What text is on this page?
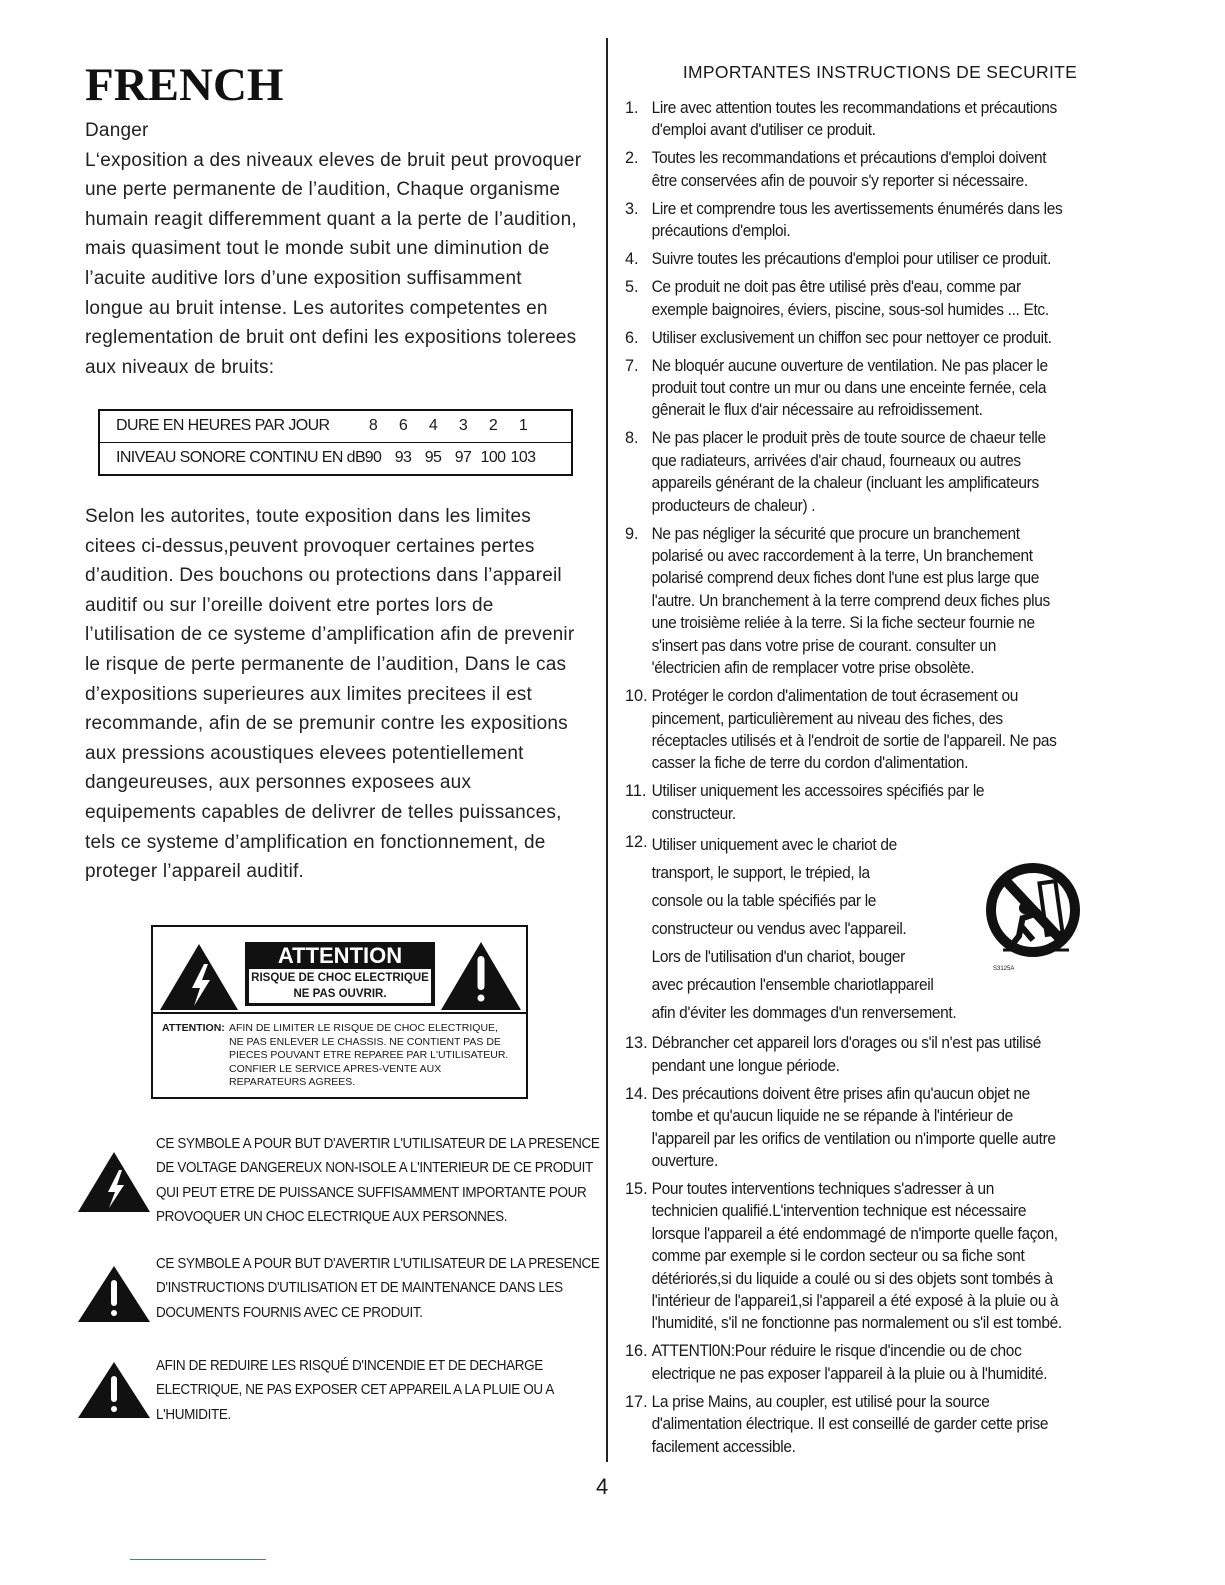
FRENCH
Danger
L‘exposition a des niveaux eleves de bruit peut provoquer
une perte permanente de l’audition, Chaque organisme
humain reagit differemment quant a la perte de l’audition,
mais quasiment tout le monde subit une diminution de
l’acuite auditive lors d’une exposition suffisamment
longue au bruit intense. Les autorites competentes en
reglementation de bruit ont defini les expositions tolerees
aux niveaux de bruits:
DURE EN HEURES PAR JOUR	8	6	4	3	2	1
INIVEAU SONORE CONTINU EN dB 90 93 95 97 100 103
Selon les autorites, toute exposition dans les limites
citees ci-dessus,peuvent provoquer certaines pertes
d’audition. Des bouchons ou protections dans l’appareil
auditif ou sur l’oreille doivent etre portes lors de
l’utilisation de ce systeme d’amplification afin de prevenir
le risque de perte permanente de l’audition, Dans le cas
d’expositions superieures aux limites precitees il est
recommande, afin de se premunir contre les expositions
aux pressions acoustiques elevees potentiellement
dangeureuses, aux personnes exposees aux
equipements capables de delivrer de telles puissances,
tels ce systeme d’amplification en fonctionnement, de
proteger l’appareil auditif.
ATTENTION
RISQUE DE CHOC ELECTRIQUE
NE PAS OUVRIR.
ATTENTION: AFIN DE LIMITER LE RISQUE DE CHOC ELECTRIQUE,
NE PAS ENLEVER LE CHASSIS. NE CONTIENT PAS DE
PIECES POUVANT ETRE REPAREE PAR L'UTILISATEUR.
CONFIER LE SERVICE APRES-VENTE AUX
REPARATEURS AGREES.
CE SYMBOLE A POUR BUT D'AVERTIR L'UTILISATEUR DE LA PRESENCE
DE VOLTAGE DANGEREUX NON-ISOLE A L'INTERIEUR DE CE PRODUIT
QUI PEUT ETRE DE PUISSANCE SUFFISAMMENT IMPORTANTE POUR
PROVOQUER UN CHOC ELECTRIQUE AUX PERSONNES.
CE SYMBOLE A POUR BUT D'AVERTIR L'UTILISATEUR DE LA PRESENCE
D'INSTRUCTIONS D'UTILISATION ET DE MAINTENANCE DANS LES
DOCUMENTS FOURNIS AVEC CE PRODUIT.
AFIN DE REDUIRE LES RISQUÉ D'INCENDIE ET DE DECHARGE
ELECTRIQUE, NE PAS EXPOSER CET APPAREIL A LA PLUIE OU A
L'HUMIDITE.
IMPORTANTES INSTRUCTIONS DE SECURITE
1. Lire avec attention toutes les recommandations et précautions
d'emploi avant d'utiliser ce produit.
2. Toutes les recommandations et précautions d'emploi doivent
être conservées afin de pouvoir s'y reporter si nécessaire.
3. Lire et comprendre tous les avertissements énumérés dans les
précautions d'emploi.
4. Suivre toutes les précautions d'emploi pour utiliser ce produit.
5. Ce produit ne doit pas être utilisé près d'eau, comme par
exemple baignoires, éviers, piscine, sous-sol humides ... Etc.
6. Utiliser exclusivement un chiffon sec pour nettoyer ce produit.
7. Ne bloquér aucune ouverture de ventilation. Ne pas placer le
produit tout contre un mur ou dans une enceinte fernée, cela
gênerait le flux d'air nécessaire au refroidissement.
8. Ne pas placer le produit près de toute source de chaeur telle
que radiateurs, arrivées d'air chaud, fourneaux ou autres
appareils générant de la chaleur (incluant les amplificateurs
producteurs de chaleur) .
9. Ne pas négliger la sécurité que procure un branchement
polarisé ou avec raccordement à la terre, Un branchement
polarisé comprend deux fiches dont l'une est plus large que
l'autre. Un branchement à la terre comprend deux fiches plus
une troisième reliée à la terre. Si la fiche secteur fournie ne
s'insert pas dans votre prise de courant. consulter un
'électricien afin de remplacer votre prise obsolète.
10. Protéger le cordon d'alimentation de tout écrasement ou
pincement, particulièrement au niveau des fiches, des
réceptacles utilisés et à l'endroit de sortie de l'appareil. Ne pas
casser la fiche de terre du cordon d'alimentation.
11. Utiliser uniquement les accessoires spécifiés par le
constructeur.
12. Utiliser uniquement avec le chariot de
transport, le support, le trépied, la
console ou la table spécifiés par le
constructeur ou vendus avec l'appareil.
Lors de l'utilisation d'un chariot, bouger
avec précaution l'ensemble chariotlappareil
afin d'éviter les dommages d'un renversement.
13. Débrancher cet appareil lors d'orages ou s'il n'est pas utilisé
pendant une longue période.
14. Des précautions doivent être prises afin qu'aucun objet ne
tombe et qu'aucun liquide ne se répande à l'intérieur de
l'appareil par les orifics de ventilation ou n'importe quelle autre
ouverture.
15. Pour toutes interventions techniques s'adresser à un
technicien qualifié.L'intervention technique est nécessaire
lorsque l'appareil a été endommagé de n'importe quelle façon,
comme par exemple si le cordon secteur ou sa fiche sont
détériorés,si du liquide a coulé ou si des objets sont tombés à
l'intérieur de l'apparei1,si l'appareil a été exposé à la pluie ou à
l'humidité, s'il ne fonctionne pas normalement ou s'il est tombé.
16. ATTENTl0N:Pour réduire le risque d'incendie ou de choc
electrique ne pas exposer l'appareil à la pluie ou à l'humidité.
17. La prise Mains, au coupler, est utilisé pour la source
d'alimentation électrique. Il est conseillé de garder cette prise
facilement accessible.
S3125A
4
